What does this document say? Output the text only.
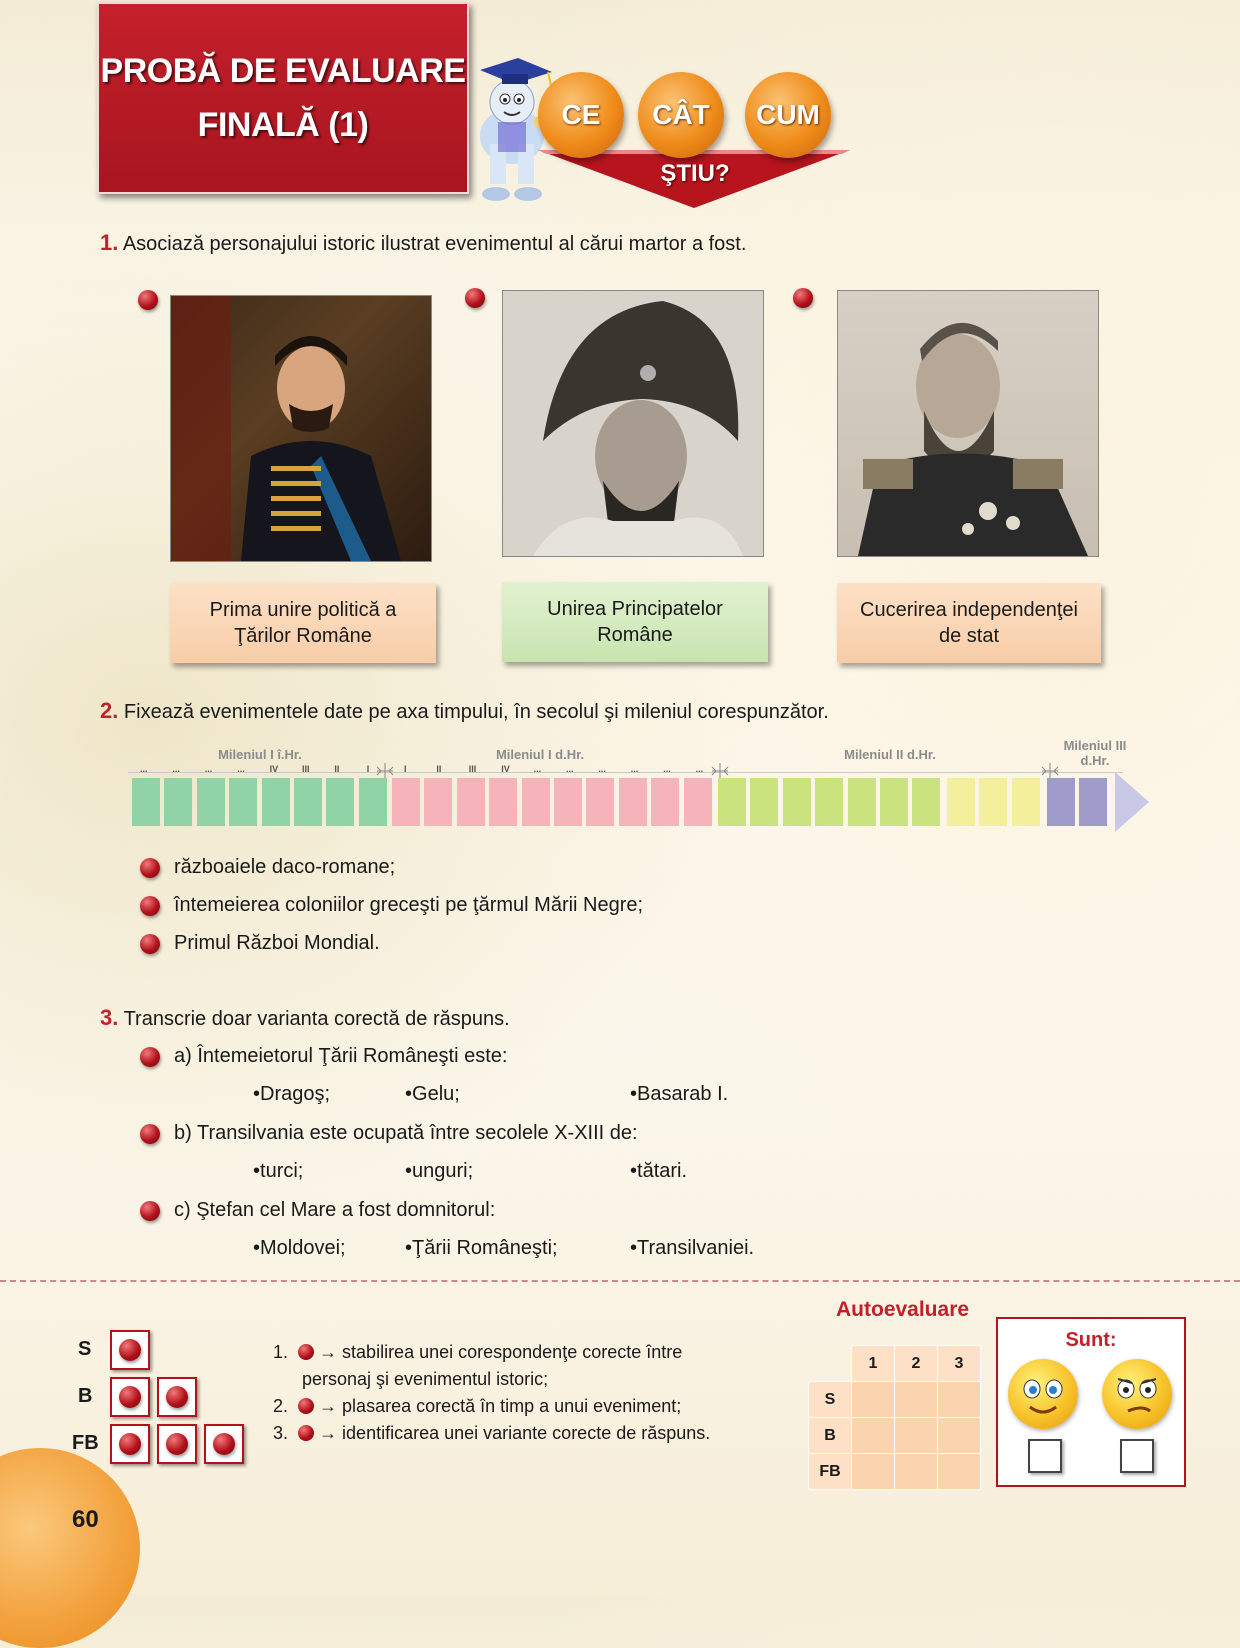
PROBĂ DE EVALUARE
FINALĂ (1)
ŞTIU?
CE	CÂT	CUM
1. Asociază personajului istoric ilustrat evenimentul al cărui martor a fost.
Prima unire politică a
Ţărilor Române
Unirea Principatelor
Române
Cucerirea independenţei
de stat
2. Fixează evenimentele date pe axa timpului, în secolul şi mileniul corespunzător.
Mileniul I î.Hr.	Mileniul I d.Hr.	Mileniul II d.Hr.
Mileniul III
d.Hr.
...	...	...	...	IV	III	II	I	I	II	III	IV	...	...	...	...	...	...
războaiele daco-romane;
întemeierea coloniilor greceşti pe ţărmul Mării Negre;
Primul Război Mondial.
3. Transcrie doar varianta corectă de răspuns.
a) Întemeietorul Ţării Româneşti este:
• Dragoş;	• Gelu;	• Basarab I.
b) Transilvania este ocupată între secolele X-XIII de:
• turci;	• unguri;	• tătari.
c) Ştefan cel Mare a fost domnitorul:
• Moldovei;	• Ţării Româneşti;	• Transilvaniei.
S
B
FB
1. → stabilirea unei corespondenţe corecte între
personaj şi evenimentul istoric;
2. → plasarea corectă în timp a unui eveniment;
3. → identificarea unei variante corecte de răspuns.
Autoevaluare
	1	2	3
S			
B			
FB			
Sunt:
60
